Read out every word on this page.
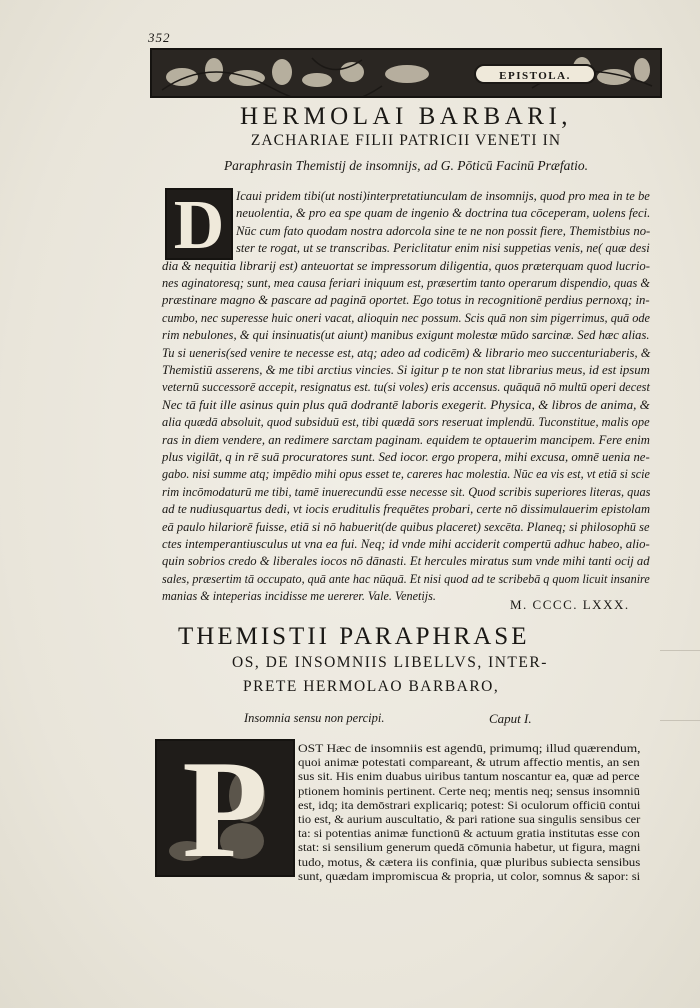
352
EPISTOLA.
HERMOLAI BARBARI,
ZACHARIAE FILII PATRICII VENETI IN
Paraphrasin Themistij de insomnijs, ad G. Pōticū Facinū Præfatio.
D Icaui pridem tibi(ut nosti)interpretatiunculam de insomnijs, quod pro mea in te be
neuolentia, & pro ea spe quam de ingenio & doctrina tua cōceperam, uolens feci.
Nūc cum fato quodam nostra adorcola sine te ne non possit fiere, Themistbius no-
ster te rogat, ut se transcribas. Periclitatur enim nisi suppetias venis, ne( quæ desi
dia & nequitia librarij est) anteuortat se impressorum diligentia, quos præterquam quod lucrio-
nes aginatoresq; sunt, mea causa feriari iniquum est, præsertim tanto operarum dispendio, quas &
præstinare magno & pascare ad paginā oportet. Ego totus in recognitionē perdius pernoxq; in-
cumbo, nec superesse huic oneri vacat, alioquin nec possum. Scis quā non sim pigerrimus, quā ode
rim nebulones, & qui insinuatis(ut aiunt) manibus exigunt molestæ mūdo sarcinæ. Sed hæc alias.
Tu si ueneris(sed venire te necesse est, atq; adeo ad codicēm) & librario meo succenturiaberis, &
Themistiū asserens, & me tibi arctius vincies. Si igitur p te non stat librarius meus, id est ipsum
veternū successorē accepit, resignatus est. tu(si voles) eris accensus. quāquā nō multū operi decest
Nec tā fuit ille asinus quin plus quā dodrantē laboris exegerit. Physica, & libros de anima, &
alia quædā absoluit, quod subsiduū est, tibi quædā sors reseruat implendū. Tuconstitue, malis ope
ras in diem vendere, an redimere sarctam paginam. equidem te optauerim mancipem. Fere enim
plus vigilāt, q in rē suā procuratores sunt. Sed iocor. ergo propera, mihi excusa, omnē uenia ne-
gabo. nisi summe atq; impēdio mihi opus esset te, careres hac molestia. Nūc ea vis est, vt etiā si scie
rim incōmodaturū me tibi, tamē inuerecundū esse necesse sit. Quod scribis superiores literas, quas
ad te nudiusquartus dedi, vt iocis eruditulis frequētes probari, certe nō dissimulauerim epistolam
eā paulo hilariorē fuisse, etiā si nō habuerit(de quibus placeret) sexcēta. Planeq; si philosophū se
ctes intemperantiusculus ut vna ea fui. Neq; id vnde mihi acciderit compertū adhuc habeo, alio-
quin sobrios credo & liberales iocos nō dānasti. Et hercules miratus sum vnde mihi tanti ocij ad
sales, præsertim tā occupato, quā ante hac nūquā. Et nisi quod ad te scribebā q quom licuit insanire
manias & inteperias incidisse me uererer. Vale. Venetijs.
M. CCCC. LXXX.
THEMISTII PARAPHRASE
OS, DE INSOMNIIS LIBELLVS, INTER-
PRETE HERMOLAO BARBARO,
Insomnia sensu non percipi.	Caput I.
P	OST Hæc de insomniis est agendū, primumq; illud quærendum,
quoi animæ potestati compareant, & utrum affectio mentis, an sen
sus sit. His enim duabus uiribus tantum noscantur ea, quæ ad perce
ptionem hominis pertinent. Certe neq; mentis neq; sensus insomniū
est, idq; ita demōstrari explicariq; potest: Si oculorum officiū contui
tio est, & aurium auscultatio, & pari ratione sua singulis sensibus cer
ta: si potentias animæ functionū & actuum gratia institutas esse con
stat: si sensilium generum quedā cōmunia habetur, ut figura, magni
tudo, motus, & cætera iis confinia, quæ pluribus subiecta sensibus
sunt, quædam impromiscua & propria, ut color, somnus & sapor: si
